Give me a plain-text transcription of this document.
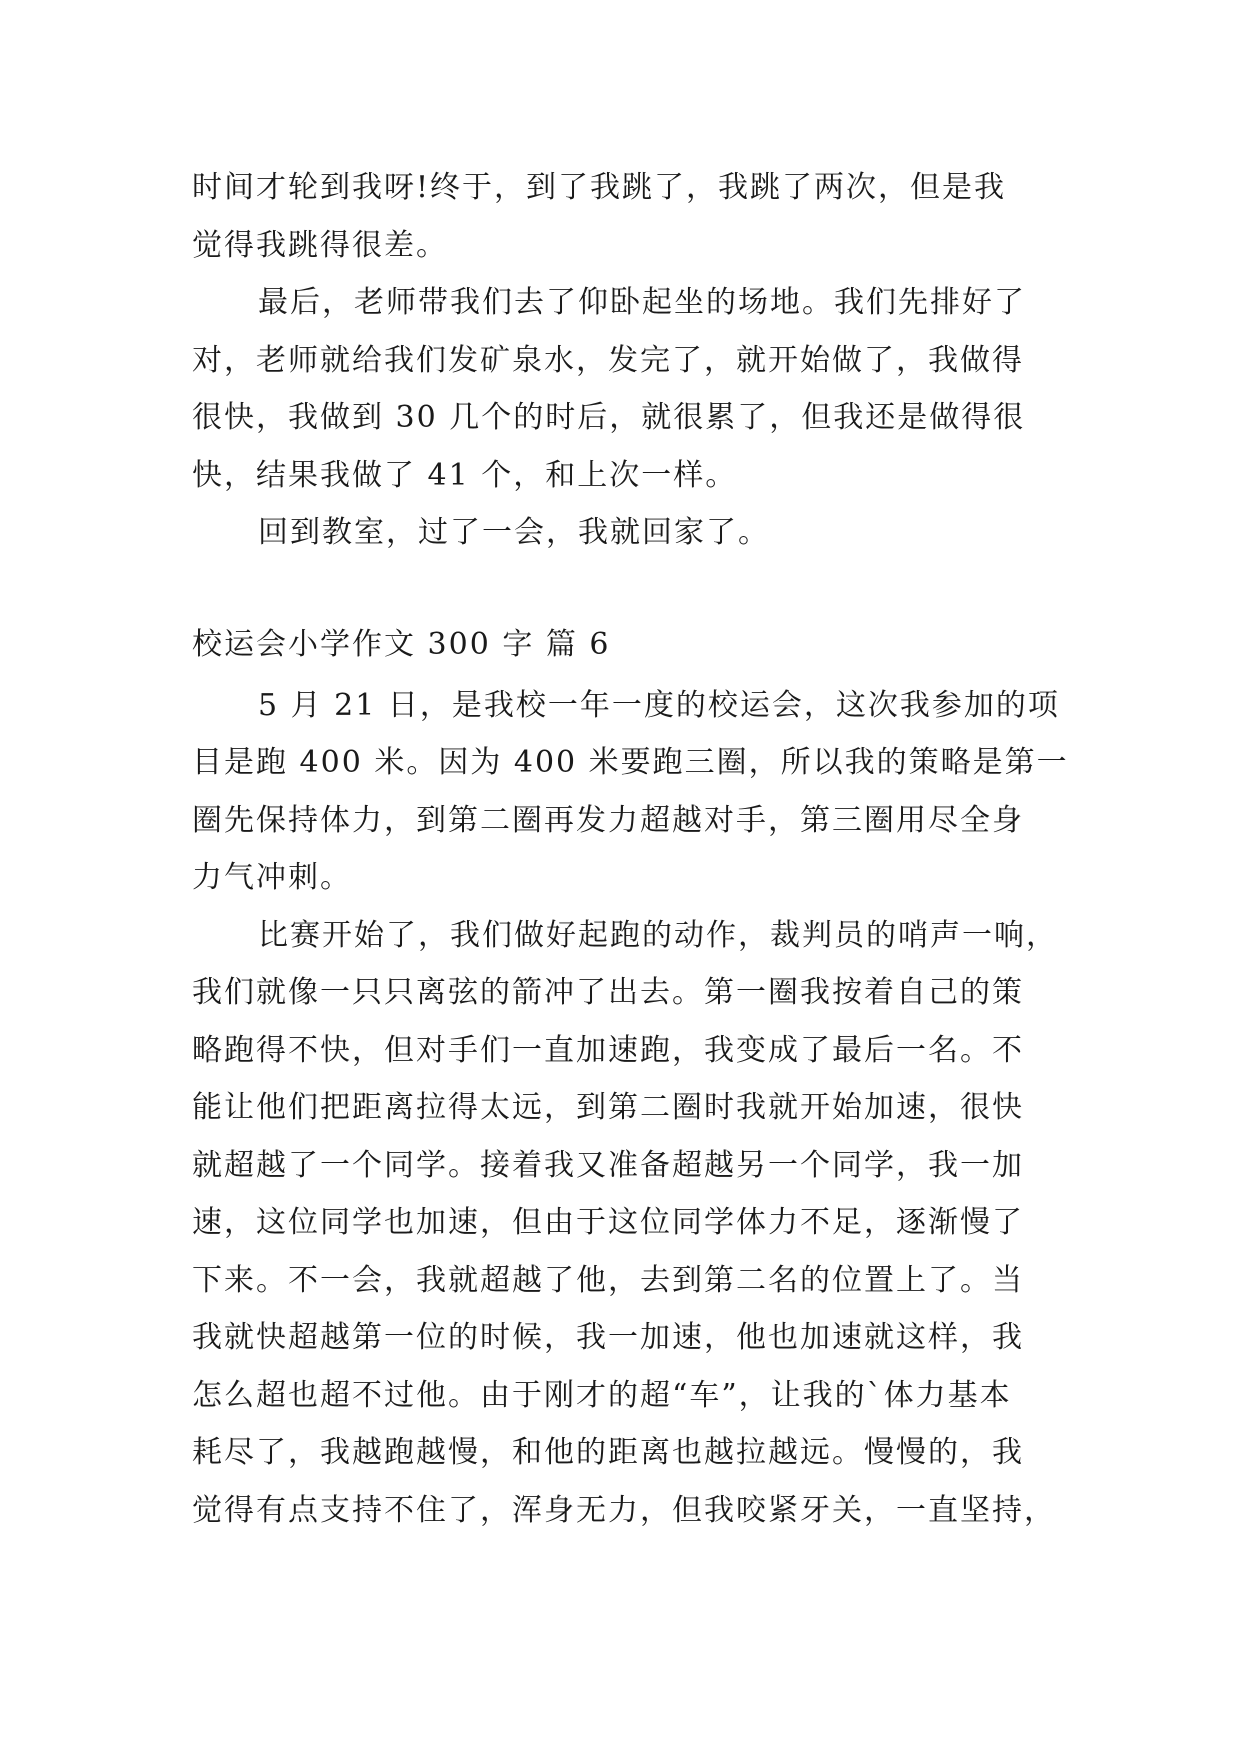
时间才轮到我呀!终于，到了我跳了，我跳了两次，但是我
觉得我跳得很差。
最后，老师带我们去了仰卧起坐的场地。我们先排好了
对，老师就给我们发矿泉水，发完了，就开始做了，我做得
很快，我做到 30 几个的时后，就很累了，但我还是做得很
快，结果我做了 41 个，和上次一样。
回到教室，过了一会，我就回家了。
校运会小学作文 300 字 篇 6
5 月 21 日，是我校一年一度的校运会，这次我参加的项
目是跑 400 米。因为 400 米要跑三圈，所以我的策略是第一
圈先保持体力，到第二圈再发力超越对手，第三圈用尽全身
力气冲刺。
比赛开始了，我们做好起跑的动作，裁判员的哨声一响，
我们就像一只只离弦的箭冲了出去。第一圈我按着自己的策
略跑得不快，但对手们一直加速跑，我变成了最后一名。不
能让他们把距离拉得太远，到第二圈时我就开始加速，很快
就超越了一个同学。接着我又准备超越另一个同学，我一加
速，这位同学也加速，但由于这位同学体力不足，逐渐慢了
下来。不一会，我就超越了他，去到第二名的位置上了。当
我就快超越第一位的时候，我一加速，他也加速就这样，我
怎么超也超不过他。由于刚才的超“车”，让我的`体力基本
耗尽了，我越跑越慢，和他的距离也越拉越远。慢慢的，我
觉得有点支持不住了，浑身无力，但我咬紧牙关，一直坚持，
